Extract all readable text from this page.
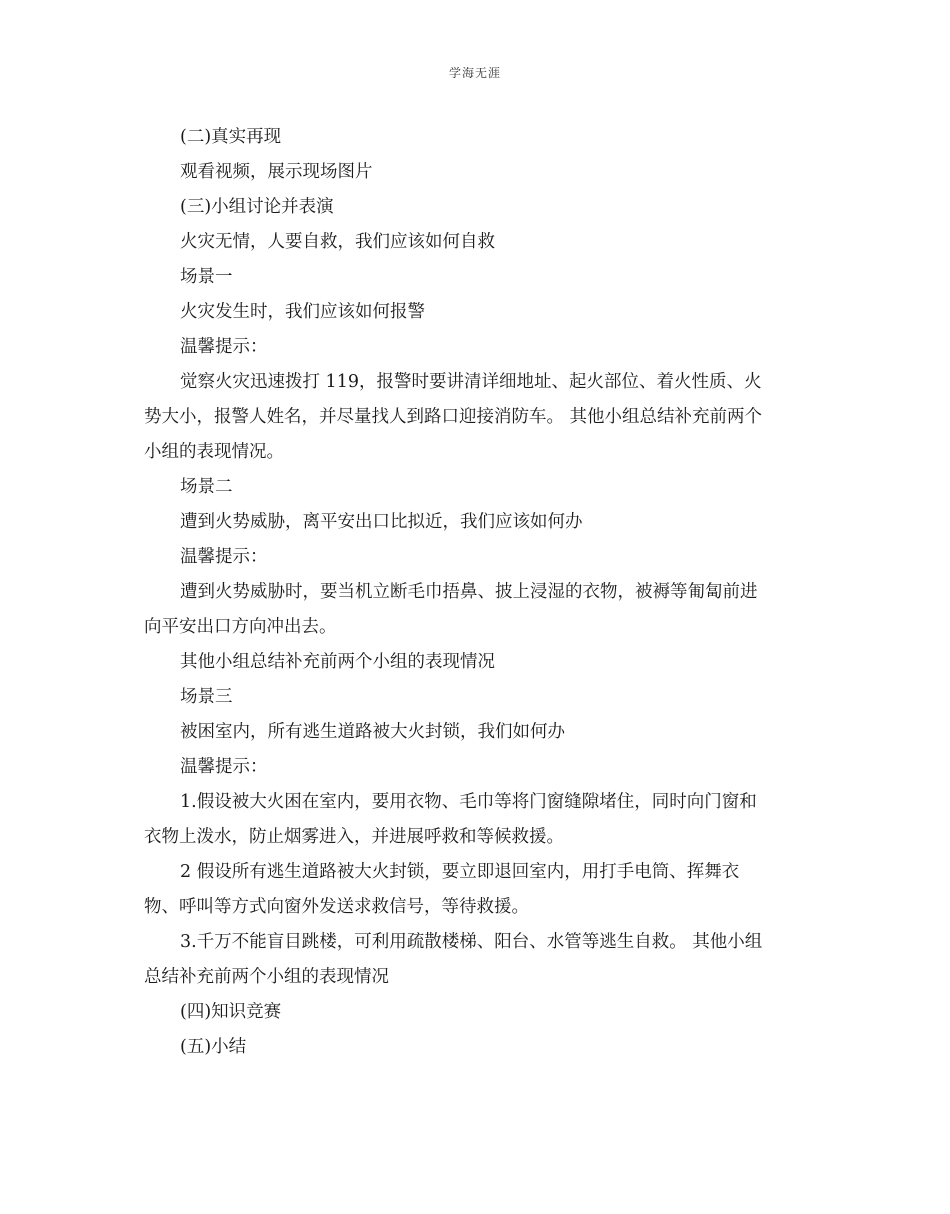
学海无涯

(二)真实再现

观看视频，展示现场图片

(三)小组讨论并表演

火灾无情，人要自救，我们应该如何自救

场景一

火灾发生时，我们应该如何报警

温馨提示：

觉察火灾迅速拨打 119，报警时要讲清详细地址、起火部位、着火性质、火

势大小，报警人姓名，并尽量找人到路口迎接消防车。 其他小组总结补充前两个

小组的表现情况。

场景二

遭到火势威胁，离平安出口比拟近，我们应该如何办

温馨提示：

遭到火势威胁时，要当机立断毛巾捂鼻、披上浸湿的衣物，被褥等匍匐前进

向平安出口方向冲出去。

其他小组总结补充前两个小组的表现情况

场景三

被困室内，所有逃生道路被大火封锁，我们如何办

温馨提示：

1.假设被大火困在室内，要用衣物、毛巾等将门窗缝隙堵住，同时向门窗和

衣物上泼水，防止烟雾进入，并进展呼救和等候救援。

2 假设所有逃生道路被大火封锁，要立即退回室内，用打手电筒、挥舞衣

物、呼叫等方式向窗外发送求救信号，等待救援。

3.千万不能盲目跳楼，可利用疏散楼梯、阳台、水管等逃生自救。 其他小组

总结补充前两个小组的表现情况

(四)知识竞赛

(五)小结
